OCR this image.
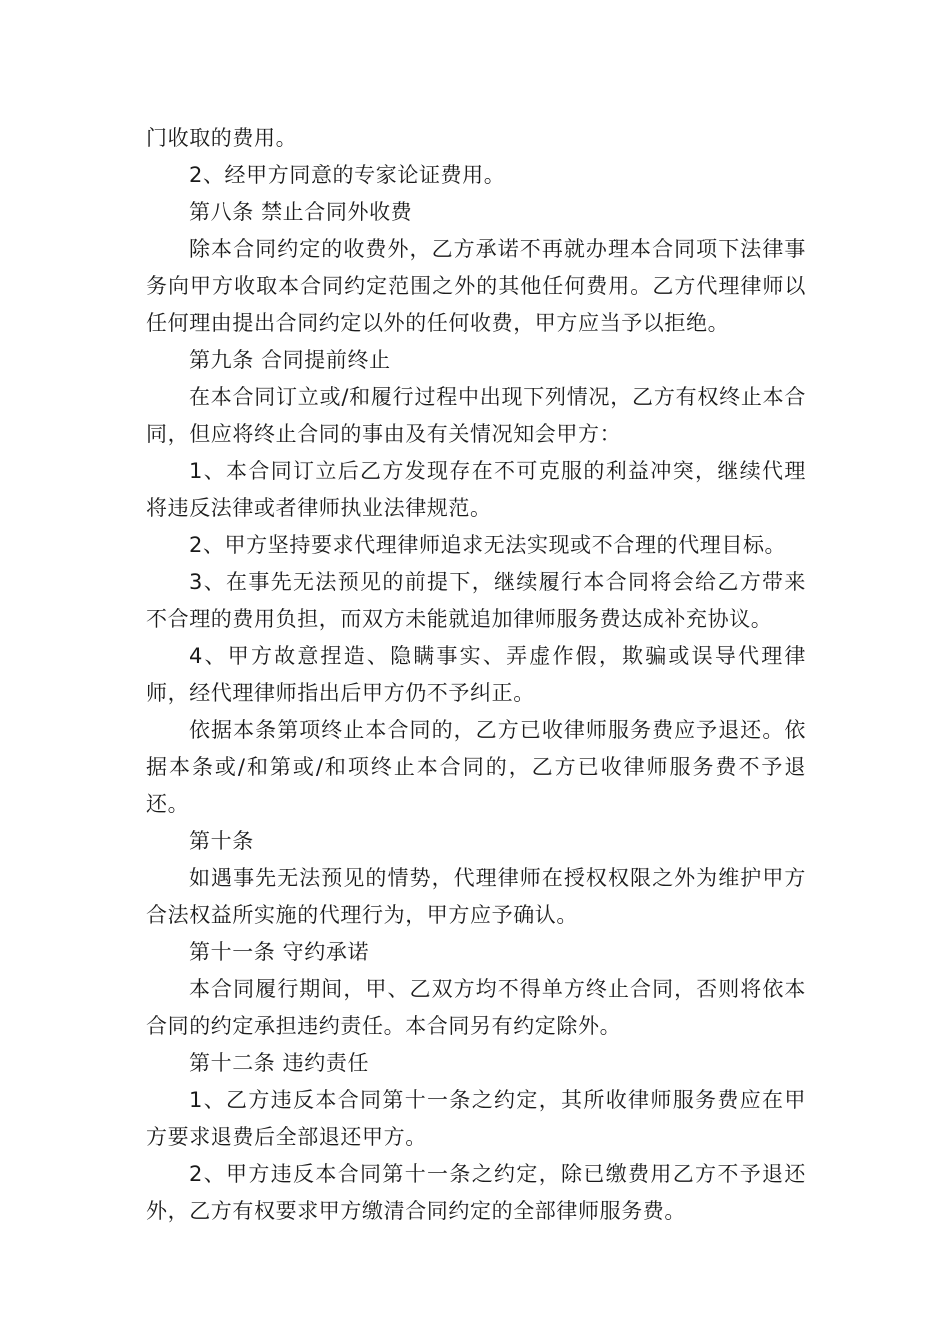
门收取的费用。

2、经甲方同意的专家论证费用。

第八条 禁止合同外收费

除本合同约定的收费外，乙方承诺不再就办理本合同项下法律事务向甲方收取本合同约定范围之外的其他任何费用。乙方代理律师以任何理由提出合同约定以外的任何收费，甲方应当予以拒绝。

第九条 合同提前终止

在本合同订立或/和履行过程中出现下列情况，乙方有权终止本合同，但应将终止合同的事由及有关情况知会甲方：

1、本合同订立后乙方发现存在不可克服的利益冲突，继续代理将违反法律或者律师执业法律规范。

2、甲方坚持要求代理律师追求无法实现或不合理的代理目标。

3、在事先无法预见的前提下，继续履行本合同将会给乙方带来不合理的费用负担，而双方未能就追加律师服务费达成补充协议。

4、甲方故意捏造、隐瞒事实、弄虚作假，欺骗或误导代理律师，经代理律师指出后甲方仍不予纠正。

依据本条第项终止本合同的，乙方已收律师服务费应予退还。依据本条或/和第或/和项终止本合同的，乙方已收律师服务费不予退还。

第十条

如遇事先无法预见的情势，代理律师在授权权限之外为维护甲方合法权益所实施的代理行为，甲方应予确认。

第十一条 守约承诺

本合同履行期间，甲、乙双方均不得单方终止合同，否则将依本合同的约定承担违约责任。本合同另有约定除外。

第十二条 违约责任

1、乙方违反本合同第十一条之约定，其所收律师服务费应在甲方要求退费后全部退还甲方。

2、甲方违反本合同第十一条之约定，除已缴费用乙方不予退还外，乙方有权要求甲方缴清合同约定的全部律师服务费。
